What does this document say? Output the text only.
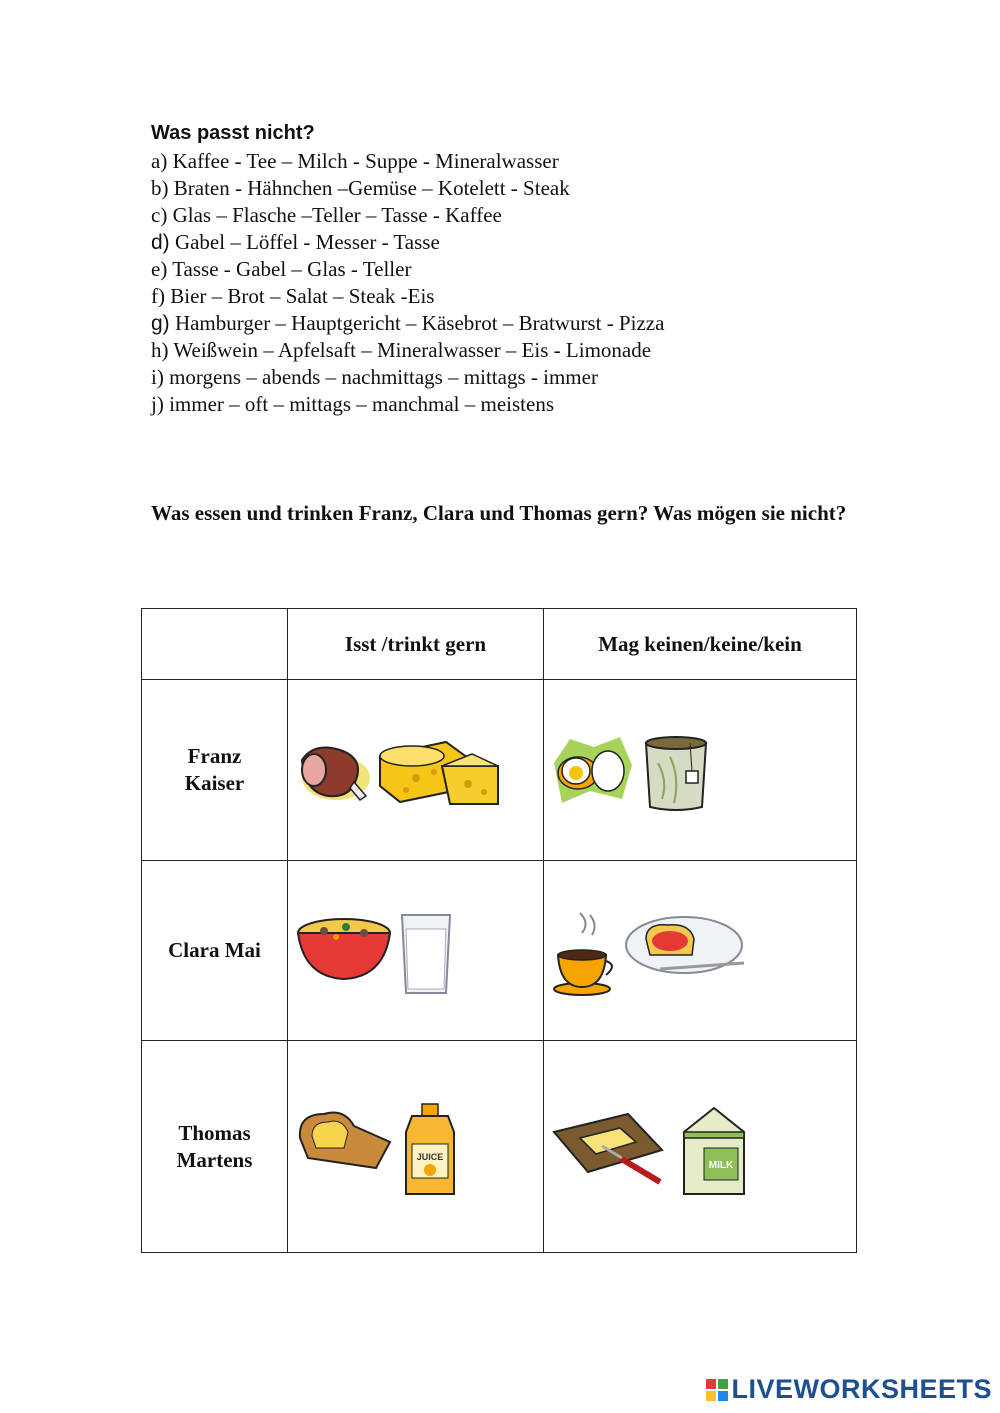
Was passt nicht?
a) Kaffee - Tee – Milch - Suppe - Mineralwasser
b) Braten - Hähnchen –Gemüse – Kotelett - Steak
c) Glas – Flasche –Teller – Tasse - Kaffee
d) Gabel – Löffel - Messer - Tasse
e) Tasse - Gabel – Glas - Teller
f) Bier – Brot – Salat – Steak -Eis
g) Hamburger – Hauptgericht – Käsebrot – Bratwurst - Pizza
h) Weißwein – Apfelsaft – Mineralwasser – Eis - Limonade
i) morgens – abends – nachmittags – mittags - immer
j) immer – oft – mittags – manchmal – meistens
Was essen und trinken Franz, Clara und Thomas gern? Was mögen sie nicht?
	Isst /trinkt gern	Mag keinen/keine/kein

Franz
Kaiser

Clara Mai

Thomas
Martens	JUICE	MILK
LIVEWORKSHEETS
